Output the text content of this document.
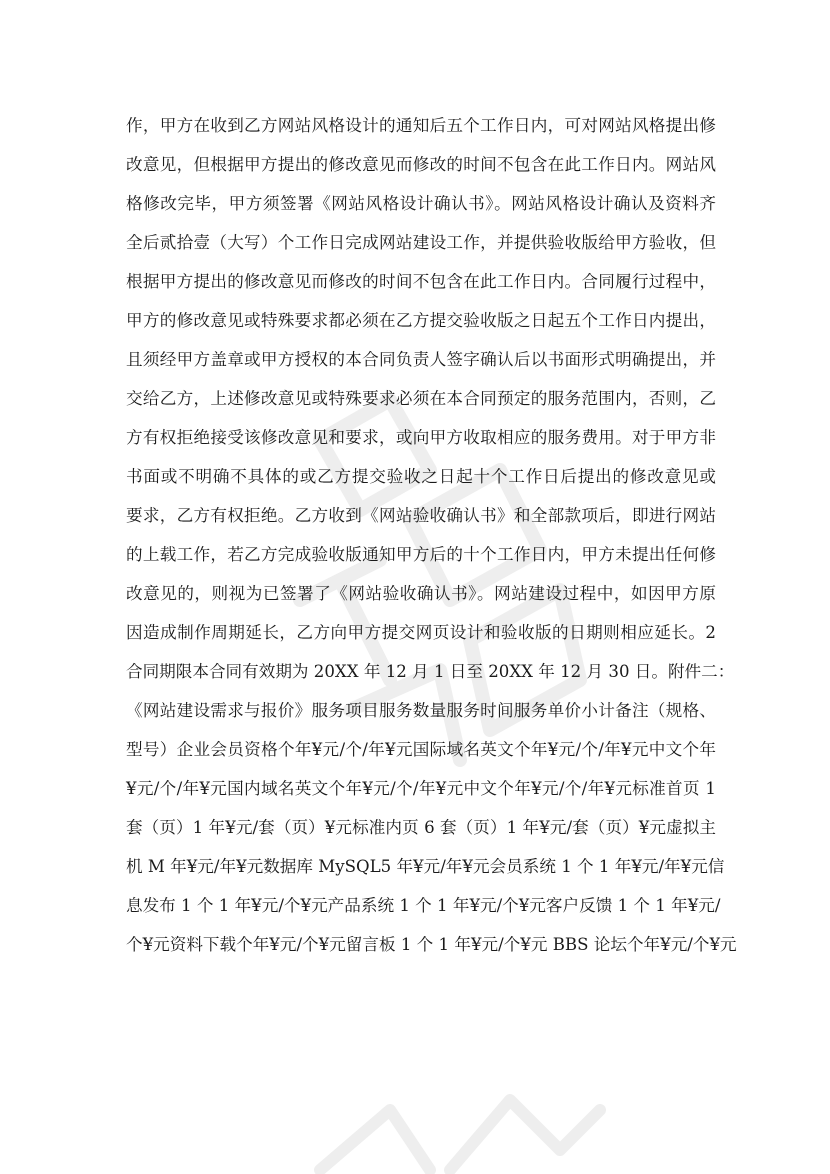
作，甲方在收到乙方网站风格设计的通知后五个工作日内，可对网站风格提出修
改意见，但根据甲方提出的修改意见而修改的时间不包含在此工作日内。网站风
格修改完毕，甲方须签署《网站风格设计确认书》。网站风格设计确认及资料齐
全后贰拾壹（大写）个工作日完成网站建设工作，并提供验收版给甲方验收，但
根据甲方提出的修改意见而修改的时间不包含在此工作日内。合同履行过程中，
甲方的修改意见或特殊要求都必须在乙方提交验收版之日起五个工作日内提出，
且须经甲方盖章或甲方授权的本合同负责人签字确认后以书面形式明确提出，并
交给乙方，上述修改意见或特殊要求必须在本合同预定的服务范围内，否则，乙
方有权拒绝接受该修改意见和要求，或向甲方收取相应的服务费用。对于甲方非
书面或不明确不具体的或乙方提交验收之日起十个工作日后提出的修改意见或
要求，乙方有权拒绝。乙方收到《网站验收确认书》和全部款项后，即进行网站
的上载工作，若乙方完成验收版通知甲方后的十个工作日内，甲方未提出任何修
改意见的，则视为已签署了《网站验收确认书》。网站建设过程中，如因甲方原
因造成制作周期延长，乙方向甲方提交网页设计和验收版的日期则相应延长。2
合同期限本合同有效期为 20XX 年 12 月 1 日至 20XX 年 12 月 30 日。附件二：
《网站建设需求与报价》服务项目服务数量服务时间服务单价小计备注（规格、
型号）企业会员资格个年¥元/个/年¥元国际域名英文个年¥元/个/年¥元中文个年
¥元/个/年¥元国内域名英文个年¥元/个/年¥元中文个年¥元/个/年¥元标准首页 1
套（页）1 年¥元/套（页）¥元标准内页 6 套（页）1 年¥元/套（页）¥元虚拟主
机 M 年¥元/年¥元数据库 MySQL5 年¥元/年¥元会员系统 1 个 1 年¥元/年¥元信
息发布 1 个 1 年¥元/个¥元产品系统 1 个 1 年¥元/个¥元客户反馈 1 个 1 年¥元/
个¥元资料下载个年¥元/个¥元留言板 1 个 1 年¥元/个¥元 BBS 论坛个年¥元/个¥元
